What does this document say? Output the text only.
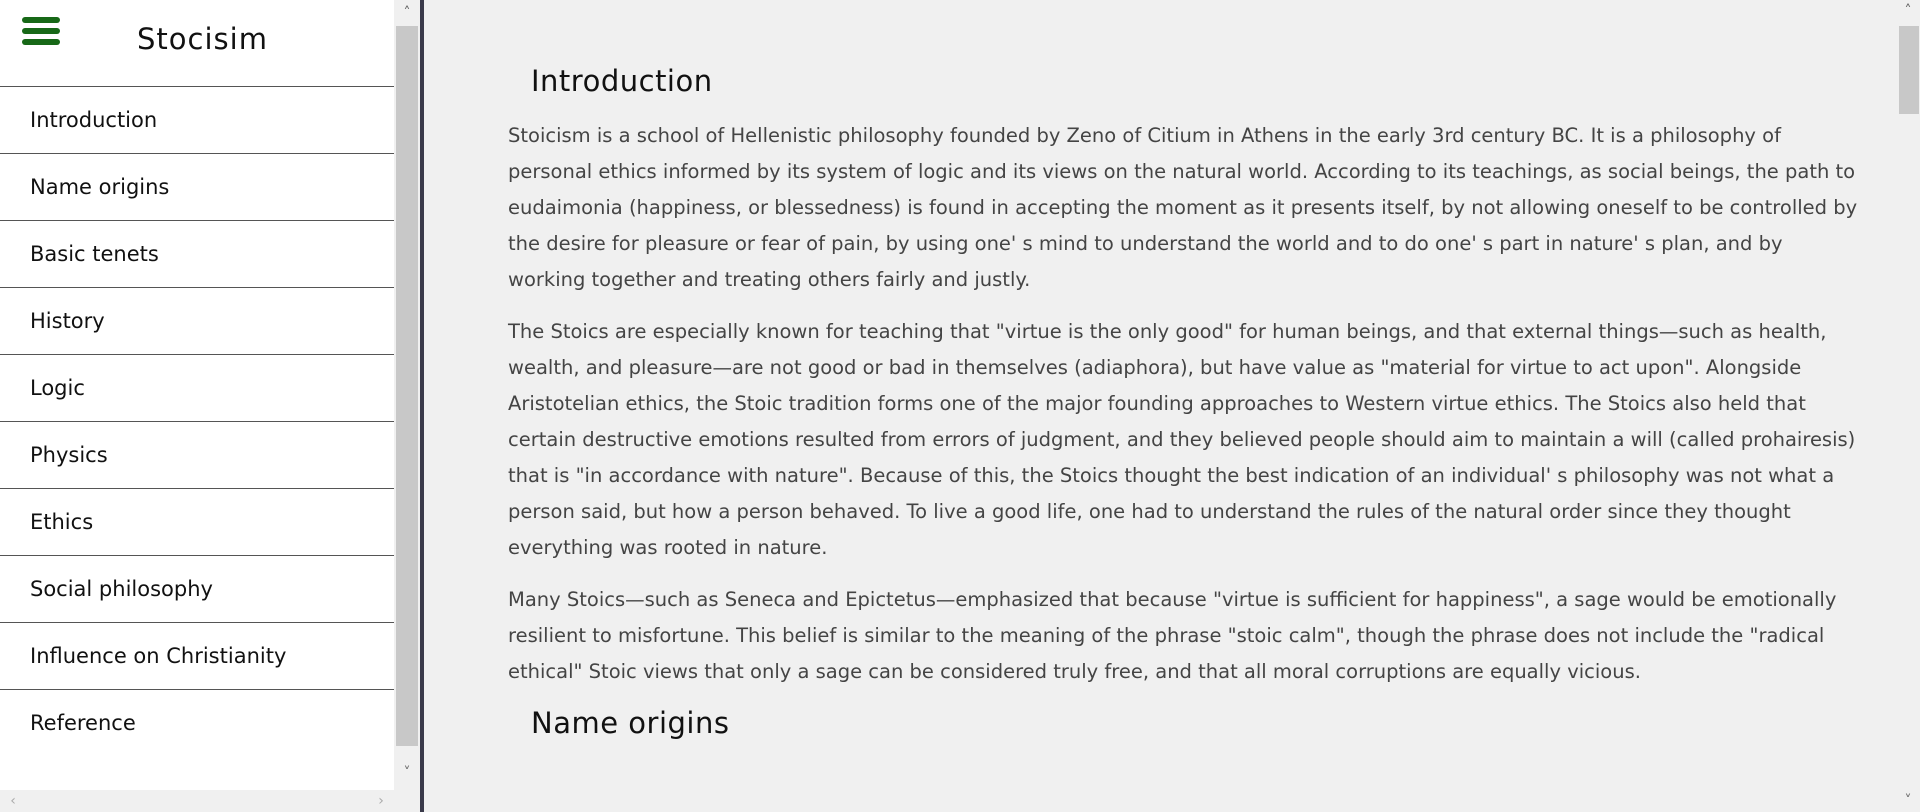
Stocisim
Introduction
Name origins
Basic tenets
History
Logic
Physics
Ethics
Social philosophy
Influence on Christianity
Reference
˄
˅
‹	›
Introduction

Stoicism is a school of Hellenistic philosophy founded by Zeno of Citium in Athens in the early 3rd century BC. It is a philosophy of personal ethics informed by its system of logic and its views on the natural world. According to its teachings, as social beings, the path to eudaimonia (happiness, or blessedness) is found in accepting the moment as it presents itself, by not allowing oneself to be controlled by the desire for pleasure or fear of pain, by using one' s mind to understand the world and to do one' s part in nature' s plan, and by working together and treating others fairly and justly.

The Stoics are especially known for teaching that "virtue is the only good" for human beings, and that external things—such as health, wealth, and pleasure—are not good or bad in themselves (adiaphora), but have value as "material for virtue to act upon". Alongside Aristotelian ethics, the Stoic tradition forms one of the major founding approaches to Western virtue ethics. The Stoics also held that certain destructive emotions resulted from errors of judgment, and they believed people should aim to maintain a will (called prohairesis) that is "in accordance with nature". Because of this, the Stoics thought the best indication of an individual' s philosophy was not what a person said, but how a person behaved. To live a good life, one had to understand the rules of the natural order since they thought everything was rooted in nature.

Many Stoics—such as Seneca and Epictetus—emphasized that because "virtue is sufficient for happiness", a sage would be emotionally resilient to misfortune. This belief is similar to the meaning of the phrase "stoic calm", though the phrase does not include the "radical ethical" Stoic views that only a sage can be considered truly free, and that all moral corruptions are equally vicious.

Name origins
˄
˅
